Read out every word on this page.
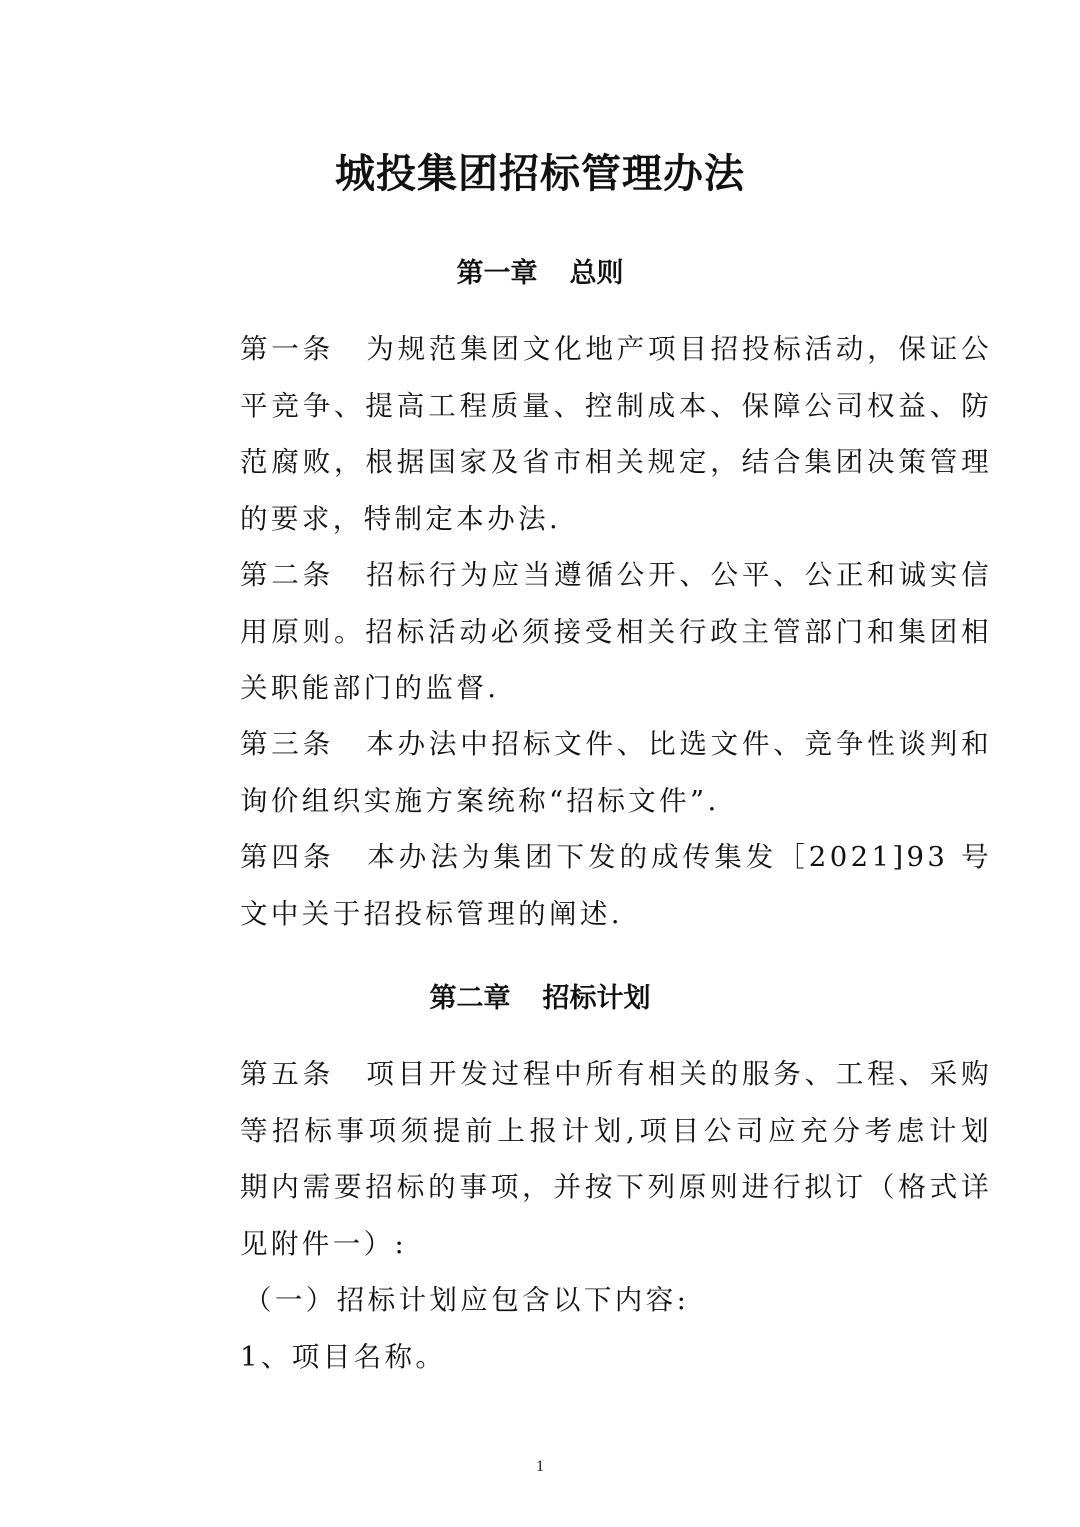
城投集团招标管理办法
第一章 总则
第一条 为规范集团文化地产项目招投标活动，保证公平竞争、提高工程质量、控制成本、保障公司权益、防范腐败，根据国家及省市相关规定，结合集团决策管理的要求，特制定本办法.
第二条 招标行为应当遵循公开、公平、公正和诚实信用原则。招标活动必须接受相关行政主管部门和集团相关职能部门的监督.
第三条 本办法中招标文件、比选文件、竞争性谈判和询价组织实施方案统称“招标文件”.
第四条 本办法为集团下发的成传集发［2021]93 号文中关于招投标管理的阐述.
第二章 招标计划
第五条 项目开发过程中所有相关的服务、工程、采购等招标事项须提前上报计划,项目公司应充分考虑计划期内需要招标的事项，并按下列原则进行拟订（格式详见附件一）:
（一）招标计划应包含以下内容:
1、项目名称。
1
